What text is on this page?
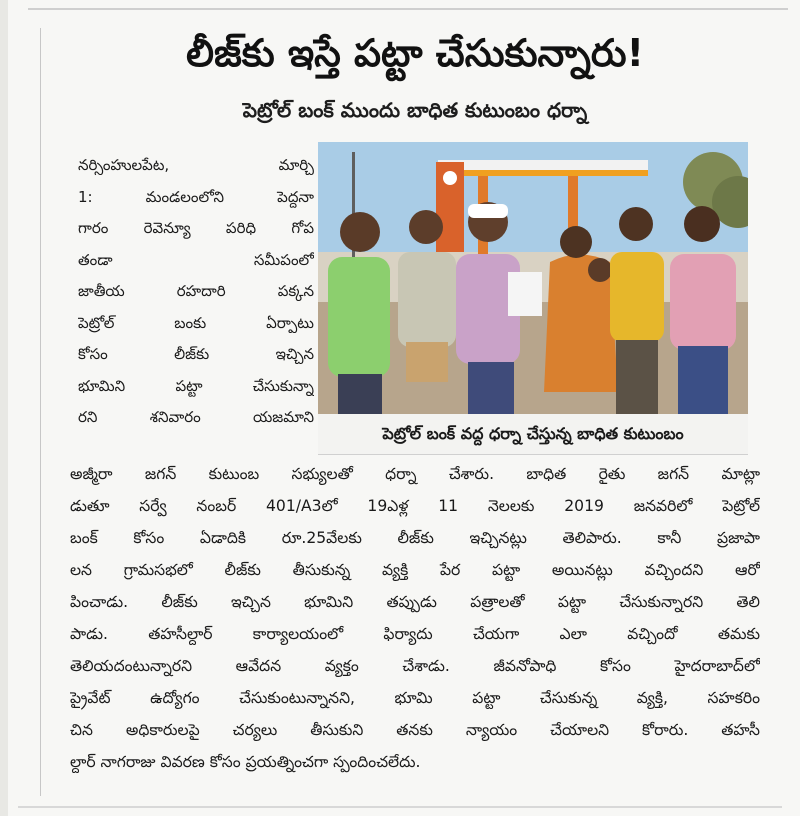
లీజ్‌కు ఇస్తే పట్టా చేసుకున్నారు!
పెట్రోల్ బంక్ ముందు బాధిత కుటుంబం ధర్నా
నర్సింహులపేట, మార్చి
1: మండలంలోని పెద్దనా
గారం రెవెన్యూ పరిధి గోప
తండా సమీపంలో
జాతీయ రహదారి పక్కన
పెట్రోల్ బంకు ఏర్పాటు
కోసం లీజ్‌కు ఇచ్చిన
భూమిని పట్టా చేసుకున్నా
రని శనివారం యజమాని
పెట్రోల్ బంక్ వద్ద ధర్నా చేస్తున్న బాధిత కుటుంబం
అజ్మీరా జగన్ కుటుంబ సభ్యులతో ధర్నా చేశారు. బాధిత రైతు జగన్ మాట్లా
డుతూ సర్వే నంబర్ 401/A3లో 19ఎళ్ల 11 నెలలకు 2019 జనవరిలో పెట్రోల్
బంక్ కోసం ఏడాదికి రూ.25వేలకు లీజ్‌కు ఇచ్చినట్లు తెలిపారు. కానీ ప్రజాపా
లన గ్రామసభలో లీజ్‌కు తీసుకున్న వ్యక్తి పేర పట్టా అయినట్లు వచ్చిందని ఆరో
పించాడు. లీజ్‌కు ఇచ్చిన భూమిని తప్పుడు పత్రాలతో పట్టా చేసుకున్నారని తెలి
పాడు. తహసీల్దార్ కార్యాలయంలో ఫిర్యాదు చేయగా ఎలా వచ్చిందో తమకు
తెలియదంటున్నారని ఆవేదన వ్యక్తం చేశాడు. జీవనోపాధి కోసం హైదరాబాద్‌లో
ప్రైవేట్ ఉద్యోగం చేసుకుంటున్నానని, భూమి పట్టా చేసుకున్న వ్యక్తి, సహకరిం
చిన అధికారులపై చర్యలు తీసుకుని తనకు న్యాయం చేయాలని కోరారు. తహసీ
ల్దార్ నాగరాజు వివరణ కోసం ప్రయత్నించగా స్పందించలేదు.
